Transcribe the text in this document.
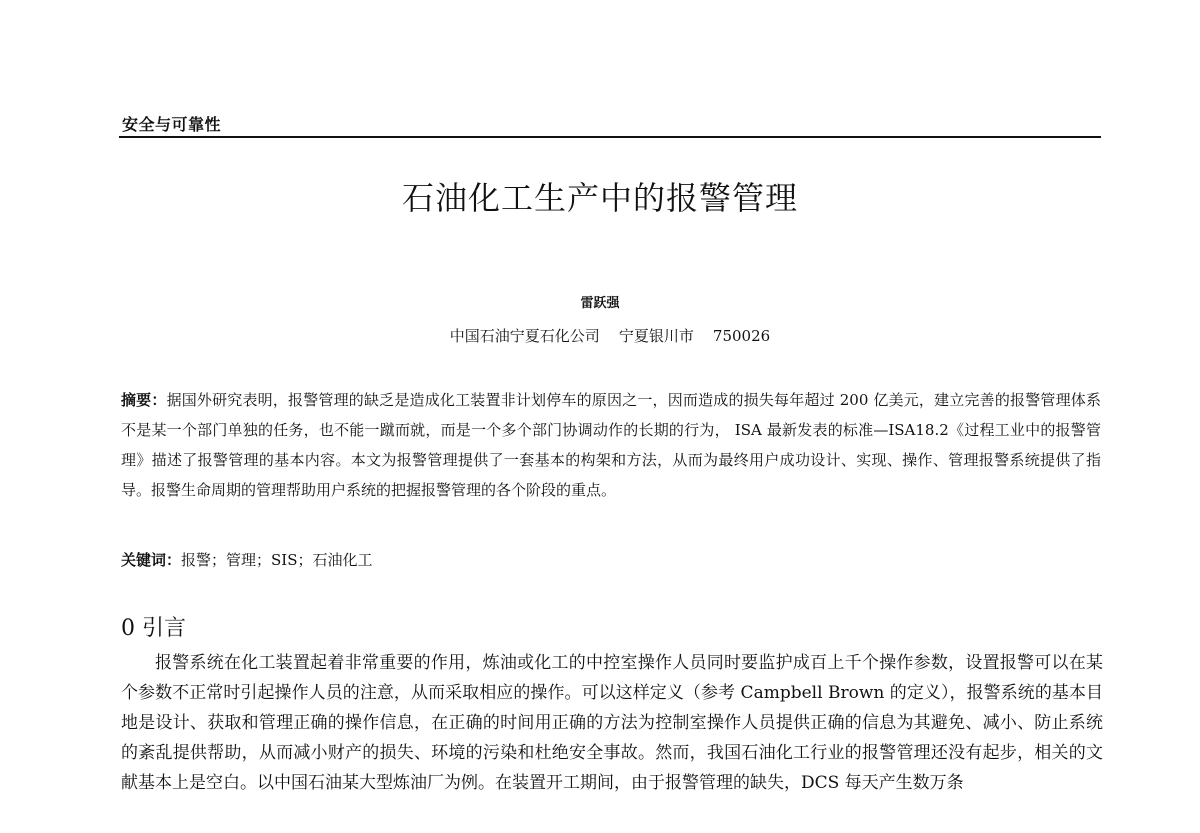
安全与可靠性
石油化工生产中的报警管理
雷跃强
中国石油宁夏石化公司    宁夏银川市    750026
摘要：据国外研究表明，报警管理的缺乏是造成化工装置非计划停车的原因之一，因而造成的损失每年超过 200 亿美元，建立完善的报警管理体系不是某一个部门单独的任务，也不能一蹴而就，而是一个多个部门协调动作的长期的行为， ISA 最新发表的标准—ISA18.2《过程工业中的报警管理》描述了报警管理的基本内容。本文为报警管理提供了一套基本的构架和方法，从而为最终用户成功设计、实现、操作、管理报警系统提供了指导。报警生命周期的管理帮助用户系统的把握报警管理的各个阶段的重点。
关键词：报警；管理；SIS；石油化工
0 引言
报警系统在化工装置起着非常重要的作用，炼油或化工的中控室操作人员同时要监护成百上千个操作参数，设置报警可以在某个参数不正常时引起操作人员的注意，从而采取相应的操作。可以这样定义（参考 Campbell Brown 的定义），报警系统的基本目地是设计、获取和管理正确的操作信息，在正确的时间用正确的方法为控制室操作人员提供正确的信息为其避免、减小、防止系统的紊乱提供帮助，从而减小财产的损失、环境的污染和杜绝安全事故。然而，我国石油化工行业的报警管理还没有起步，相关的文献基本上是空白。以中国石油某大型炼油厂为例。在装置开工期间，由于报警管理的缺失，DCS 每天产生数万条
